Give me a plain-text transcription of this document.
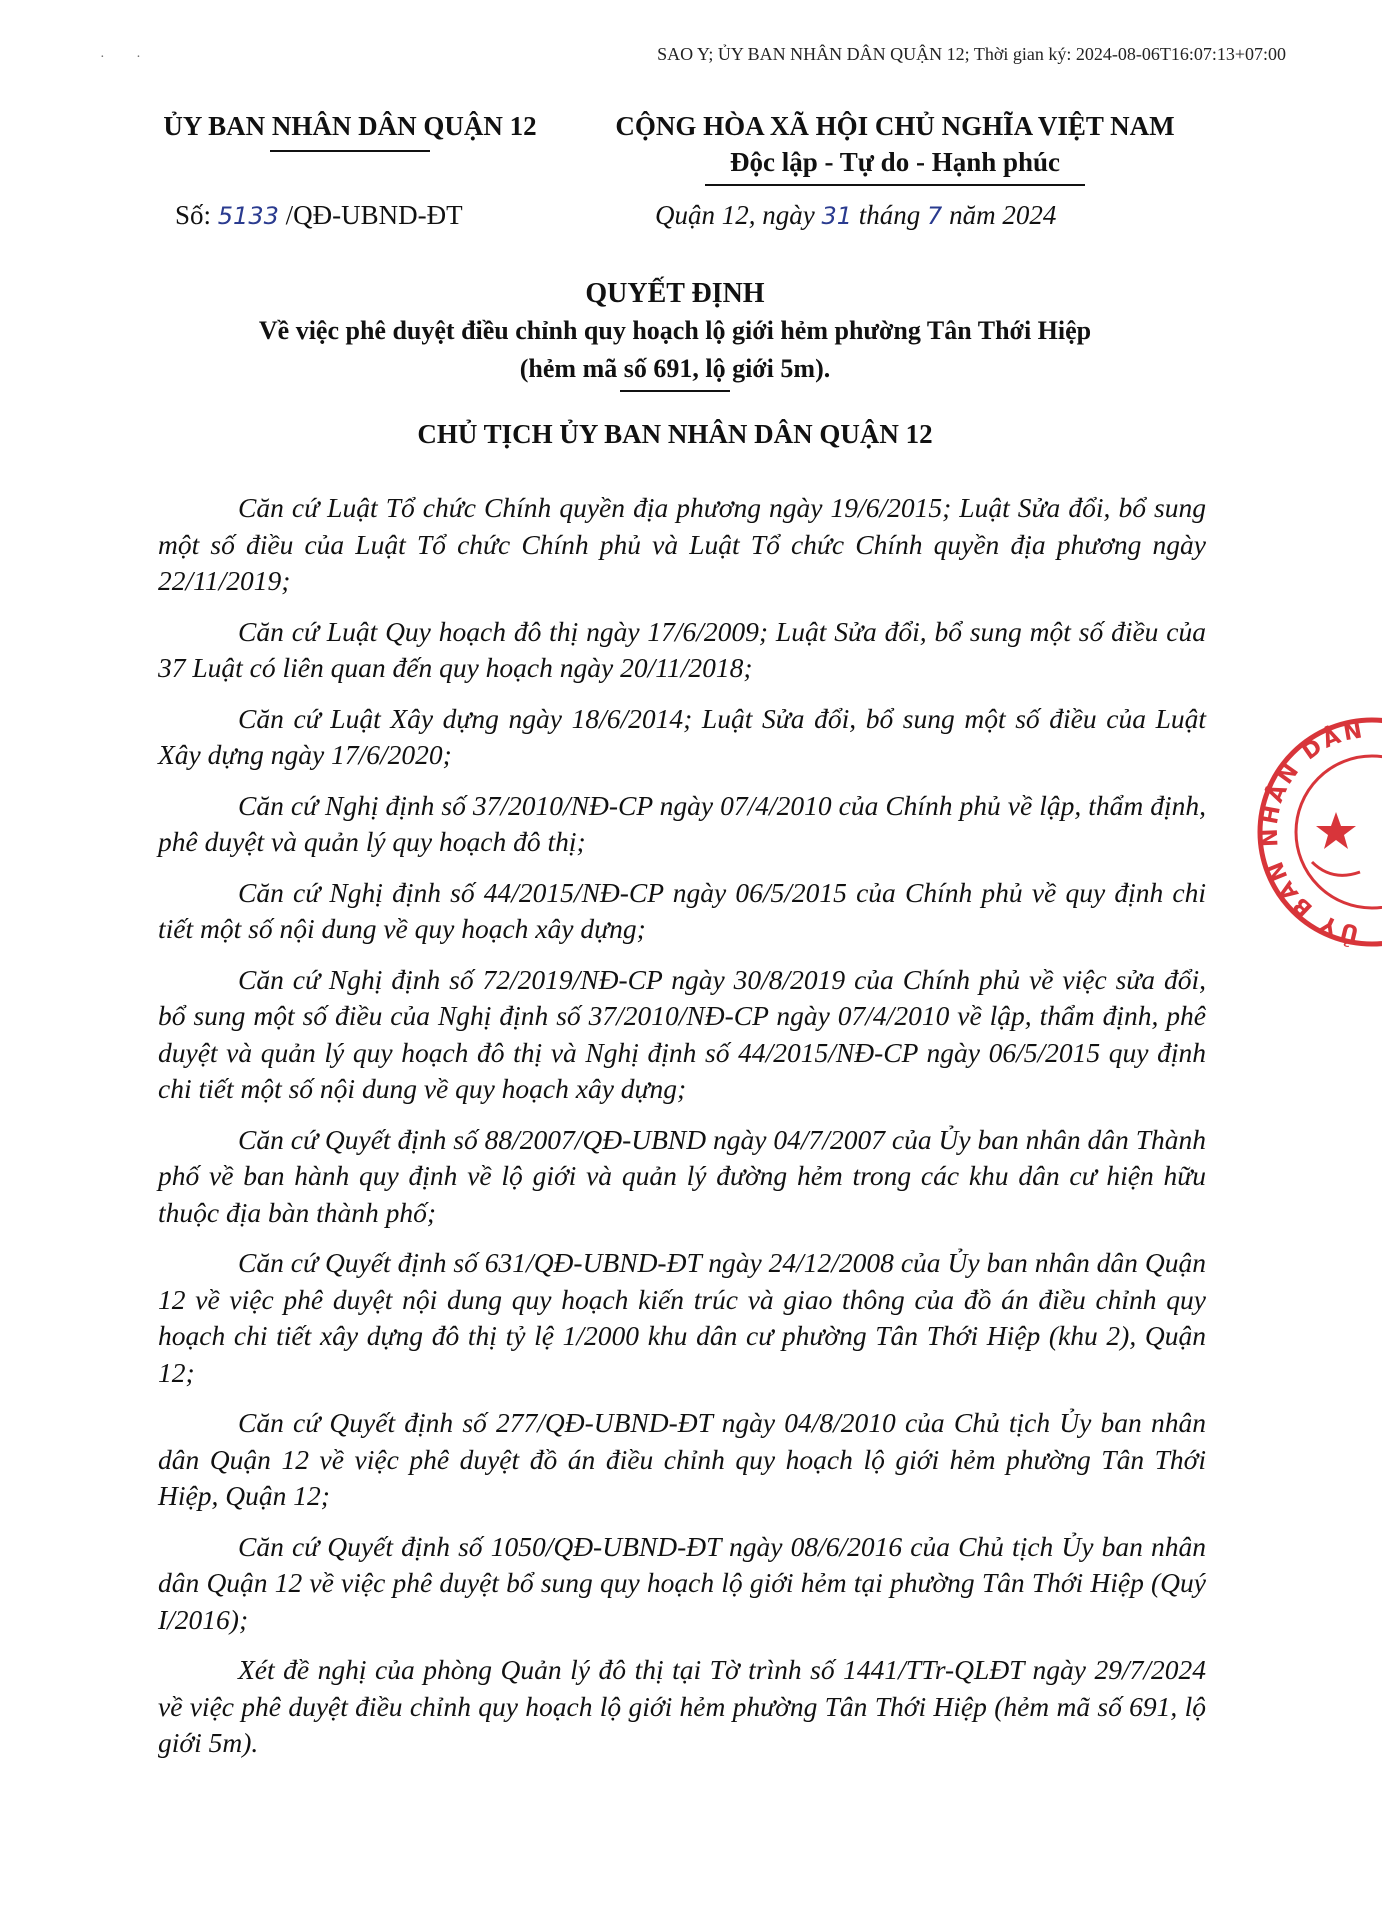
SAO Y; ỦY BAN NHÂN DÂN QUẬN 12; Thời gian ký: 2024-08-06T16:07:13+07:00
· ·

ỦY BAN NHÂN DÂN QUẬN 12	CỘNG HÒA XÃ HỘI CHỦ NGHĨA VIỆT NAM

Độc lập - Tự do - Hạnh phúc

Số: 5133 /QĐ-UBND-ĐT	Quận 12, ngày 31 tháng 7 năm 2024

QUYẾT ĐỊNH

Về việc phê duyệt điều chỉnh quy hoạch lộ giới hẻm phường Tân Thới Hiệp

(hẻm mã số 691, lộ giới 5m).

CHỦ TỊCH ỦY BAN NHÂN DÂN QUẬN 12

Căn cứ Luật Tổ chức Chính quyền địa phương ngày 19/6/2015; Luật Sửa đổi, bổ sung một số điều của Luật Tổ chức Chính phủ và Luật Tổ chức Chính quyền địa phương ngày 22/11/2019;

Căn cứ Luật Quy hoạch đô thị ngày 17/6/2009; Luật Sửa đổi, bổ sung một số điều của 37 Luật có liên quan đến quy hoạch ngày 20/11/2018;

Căn cứ Luật Xây dựng ngày 18/6/2014; Luật Sửa đổi, bổ sung một số điều của Luật Xây dựng ngày 17/6/2020;

Căn cứ Nghị định số 37/2010/NĐ-CP ngày 07/4/2010 của Chính phủ về lập, thẩm định, phê duyệt và quản lý quy hoạch đô thị;

Căn cứ Nghị định số 44/2015/NĐ-CP ngày 06/5/2015 của Chính phủ về quy định chi tiết một số nội dung về quy hoạch xây dựng;

Căn cứ Nghị định số 72/2019/NĐ-CP ngày 30/8/2019 của Chính phủ về việc sửa đổi, bổ sung một số điều của Nghị định số 37/2010/NĐ-CP ngày 07/4/2010 về lập, thẩm định, phê duyệt và quản lý quy hoạch đô thị và Nghị định số 44/2015/NĐ-CP ngày 06/5/2015 quy định chi tiết một số nội dung về quy hoạch xây dựng;

Căn cứ Quyết định số 88/2007/QĐ-UBND ngày 04/7/2007 của Ủy ban nhân dân Thành phố về ban hành quy định về lộ giới và quản lý đường hẻm trong các khu dân cư hiện hữu thuộc địa bàn thành phố;

Căn cứ Quyết định số 631/QĐ-UBND-ĐT ngày 24/12/2008 của Ủy ban nhân dân Quận 12 về việc phê duyệt nội dung quy hoạch kiến trúc và giao thông của đồ án điều chỉnh quy hoạch chi tiết xây dựng đô thị tỷ lệ 1/2000 khu dân cư phường Tân Thới Hiệp (khu 2), Quận 12;

Căn cứ Quyết định số 277/QĐ-UBND-ĐT ngày 04/8/2010 của Chủ tịch Ủy ban nhân dân Quận 12 về việc phê duyệt đồ án điều chỉnh quy hoạch lộ giới hẻm phường Tân Thới Hiệp, Quận 12;

Căn cứ Quyết định số 1050/QĐ-UBND-ĐT ngày 08/6/2016 của Chủ tịch Ủy ban nhân dân Quận 12 về việc phê duyệt bổ sung quy hoạch lộ giới hẻm tại phường Tân Thới Hiệp (Quý I/2016);

Xét đề nghị của phòng Quản lý đô thị tại Tờ trình số 1441/TTr-QLĐT ngày 29/7/2024 về việc phê duyệt điều chỉnh quy hoạch lộ giới hẻm phường Tân Thới Hiệp (hẻm mã số 691, lộ giới 5m).

ỦY BAN NHÂN DÂN
